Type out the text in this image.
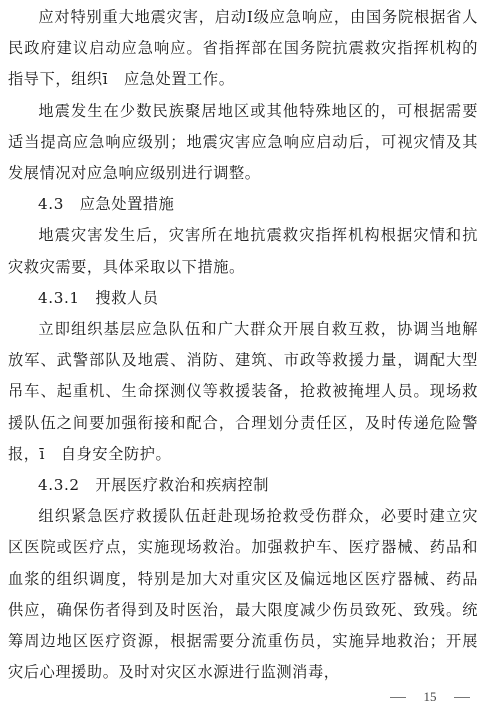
应对特别重大地震灾害，启动Ⅰ级应急响应，由国务院根据省人民政府建议启动应急响应。省指挥部在国务院抗震救灾指挥机构的指导下，组织ī　应急处置工作。

地震发生在少数民族聚居地区或其他特殊地区的，可根据需要适当提高应急响应级别；地震灾害应急响应启动后，可视灾情及其发展情况对应急响应级别进行调整。

4.3　应急处置措施

地震灾害发生后，灾害所在地抗震救灾指挥机构根据灾情和抗灾救灾需要，具体采取以下措施。

4.3.1　搜救人员

立即组织基层应急队伍和广大群众开展自救互救，协调当地解放军、武警部队及地震、消防、建筑、市政等救援力量，调配大型吊车、起重机、生命探测仪等救援装备，抢救被掩埋人员。现场救援队伍之间要加强衔接和配合，合理划分责任区，及时传递危险警报，ī　自身安全防护。

4.3.2　开展医疗救治和疾病控制

组织紧急医疗救援队伍赶赴现场抢救受伤群众，必要时建立灾区医院或医疗点，实施现场救治。加强救护车、医疗器械、药品和血浆的组织调度，特别是加大对重灾区及偏远地区医疗器械、药品供应，确保伤者得到及时医治，最大限度减少伤员致死、致残。统筹周边地区医疗资源，根据需要分流重伤员，实施异地救治；开展灾后心理援助。及时对灾区水源进行监测消毒，

15
